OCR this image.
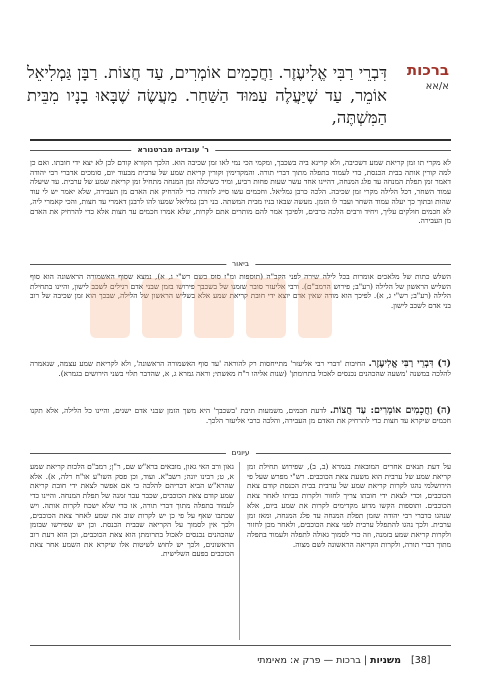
ברכות
א/אא
דִּבְרֵי רַבִּי אֱלִיעֶזֶר. וַחֲכָמִים אוֹמְרִים, עַד חֲצוֹת. רַבָּן גַּמְלִיאֵל אוֹמֵר, עַד שֶׁיַּעֲלֶה עַמּוּד הַשַּׁחַר. מַעֲשֶׂה שֶׁבָּאוּ בָנָיו מִבֵּית הַמִּשְׁתֶּה,
ר' עובדיה מברטנורא
לא מקרי תו זמן קריאת שמע דשכיבה, ולא קרינא ביה בשכבך, ומקמי הכי נמי לאו זמן שכיבה הוא. הלכך הקורא קודם לכן לא יצא ידי חובתו. ואם כן למה קורין אותה בבית הכנסת, כדי לעמוד בתפלה מתוך דברי תורה. והמקדימין וקורין קריאת שמע של ערבית מבעוד יום, סומכים אדברי רבי יהודה דאמר זמן תפלת המנחה עד פלג המנחה, דהיינו אחד עשר שעות פחות רביע, ומיד כשיכלה זמן המנחה מתחיל זמן קריאת שמע של ערבית. עד שיעלה עמוד השחר, דכל הלילה מקרי זמן שכיבה. הלכה כרבן גמליאל. וחכמים עשו סייג לתורה כדי להרחיק את האדם מן העבירה, שלא יאמר יש לי עוד שהות ובתוך כך יעלה עמוד השחר ועבר לו הזמן. מעשה שבאו בניו מבית המשתה. בני רבן גמליאל שמעו להו לרבנן דאמרי עד חצות, והכי קאמרי ליה, לא חכמים חולקים עליך, ויחיד ורבים הלכה כרבים, ולפיכך אמר להם מותרים אתם לקרות, שלא אמרו חכמים עד חצות אלא כדי להרחיק את האדם מן העבירה.
ביאור
השלש כתות של מלאכים אומרות בכל לילה שירה לפני הקב"ה (תוספות ומ"ז סוס בשם רש"י ג, א), נמצא שסוף האשמורה הראשונה הוא סוף השליש הראשון של הלילה (רע"ב; פירוש הרמב"ם). ורבי אליעזר סובר שזמנו של בשכבך פירושו בזמן שבני אדם רגילים לשכב לישון, והיינו בתחילת הלילה (רע"ב; רש"י ג, א). לפיכך הוא מודה שאין אדם יוצא ידי חובת קריאת שמע אלא בשליש הראשון של הלילה, שבכך הוא זמן שכיבה של רוב בני אדם לשכב לישון.
(ד) דִּבְרֵי רַבִּי אֱלִיעֶזֶר. החיבות 'דברי רבי אליעזר' מתייחסות רק להוראה 'עד סוף האשמורה הראשונה', ולא לקריאת שמע עצמה, שנאמרה להלכה במשנה 'משעה שהכהנים נכנסים לאכול בתרומתן' (שנות אליהו ר"ח מאשתי; וראה גמרא ג, א, שהדבר תלוי בשני הירושים בגמרא).
(ה) וַחֲכָמִים אוֹמְרִים: עַד חֲצוֹת. לדעת חכמים, משמעות תיבת 'בשכבך' היא משך הזמן שבני אדם ישנים, והיינו כל הלילה, אלא תקנו חכמים שיקרא עד חצות כדי להרחיק את האדם מן העבירה, והלכה כרבי אליעזר הלכך.
עיונים
על דעת תנאים אחרים המובאות בגמרא (ב, ב), שפירוש תחילת זמן קריאת שמע של ערבית הוא משעת צאת הכוכבים. רש"י מפרש שעל פי הירושלמי נהגו לקרות קריאת שמע של ערבית בבית הכנסת קודם צאת הכוכבים, וכדי לצאת ידי חובתו צריך לחזור ולקרות בביתו לאחר צאת הכוכבים. ותוספות הקשו מדוע מקדימים לקרות את שמע ביום, אלא שנהגו כדברי רבי יהודה שזמן תפלת המנחה עד פלג המנחה, ומאז זמן ערבית. ולכך נהגו להתפלל ערבית לפני צאת הכוכבים, ולאחר מכן לחזור ולקרות קריאת שמע בזמנה, וזה כדי לסמוך גאולה לתפלה ולעמוד בתפלה מתוך דברי תורה, ולקרות הקריאה הראשונה לשם מצוה.
גאון ורב האי גאון, מובאים ברא"ש שם, ר"ן; רמב"ם הלכות קריאת שמע א, ט; רבינו יונה; רשב"א. ועוד, וכן פסק השו"ע או"ח רלה, א). אלא שהרא"ש הביא דבריהם להלכה כי אם אפשר לצאת ידי חובת קריאת שמע קודם צאת הכוכבים, שכבר עבר זמנה של תפלת המנחה. והיינו כדי לעמוד בתפלה מתוך דברי תורה, או כדי שלא ישכח לקרות אותה. ויש שכתבו שאף על פי כן יש לקרות שוב את שמע לאחר צאת הכוכבים, ולכך אין לסמוך על הקריאה שבבית הכנסת. וכן יש שפירשו שבזמן שהכהנים נכנסים לאכול בתרומתן הוא צאת הכוכבים, וכן הוא דעת רוב הראשונים, ולכך יש לחוש לשיטות אלו שיקרא את השמע אחר צאת הכוכבים בפעם השלישית.
משניות | ברכות — פרק א: מאימתי	[38]
